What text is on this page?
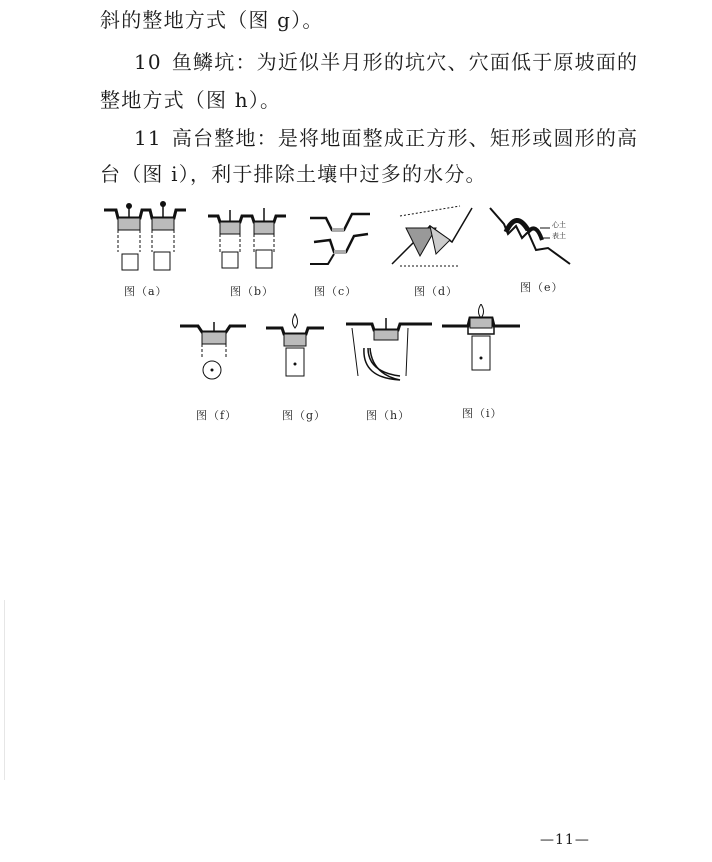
斜的整地方式（图 g）。
10 鱼鳞坑：为近似半月形的坑穴、穴面低于原坡面的
整地方式（图 h）。
11 高台整地：是将地面整成正方形、矩形或圆形的高
台（图 i），利于排除土壤中过多的水分。
图（a）	图（b）	图（c）	图（d）
心土
表土
图（e）
图（f）	图（g）	图（h）	图（i）
—11—
